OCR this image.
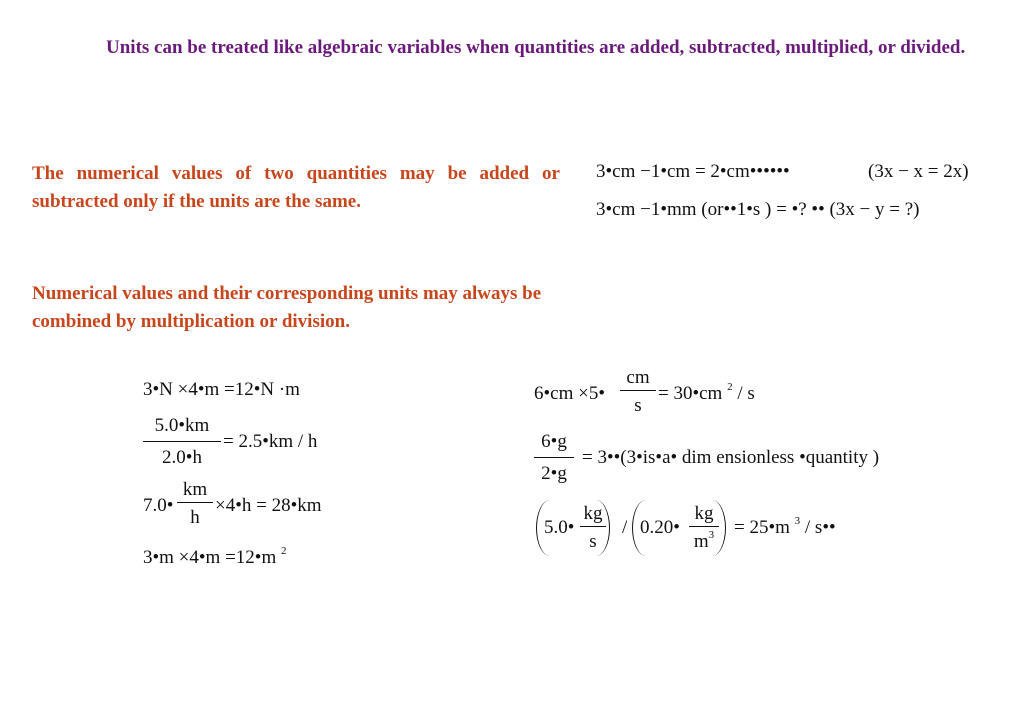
Units can be treated like algebraic variables when quantities are added, subtracted, multiplied, or divided.
The numerical values of two quantities may be added or subtracted only if the units are the same.
Numerical values and their corresponding units may always be combined by multiplication or division.
3•cm −1•cm = 2•cm••••••	(3x − x = 2x)
3•cm −1•mm (or••1•s ) = •? •• (3x − y = ?)
3•N ×4•m =12•N ·m
5.0•km
2.0•h
= 2.5•km / h
7.0•
km
h
×4•h = 28•km
3•m ×4•m =12•m $^2$
6•cm ×5•
cm
s
= 30•cm $^2$ / s
6•g
2•g
= 3••(3•is•a• dim ensionless •quantity )
5.0•
kg
s
/ 0.20•
kg
$m^3$ = 25•m $^3$ / s••
